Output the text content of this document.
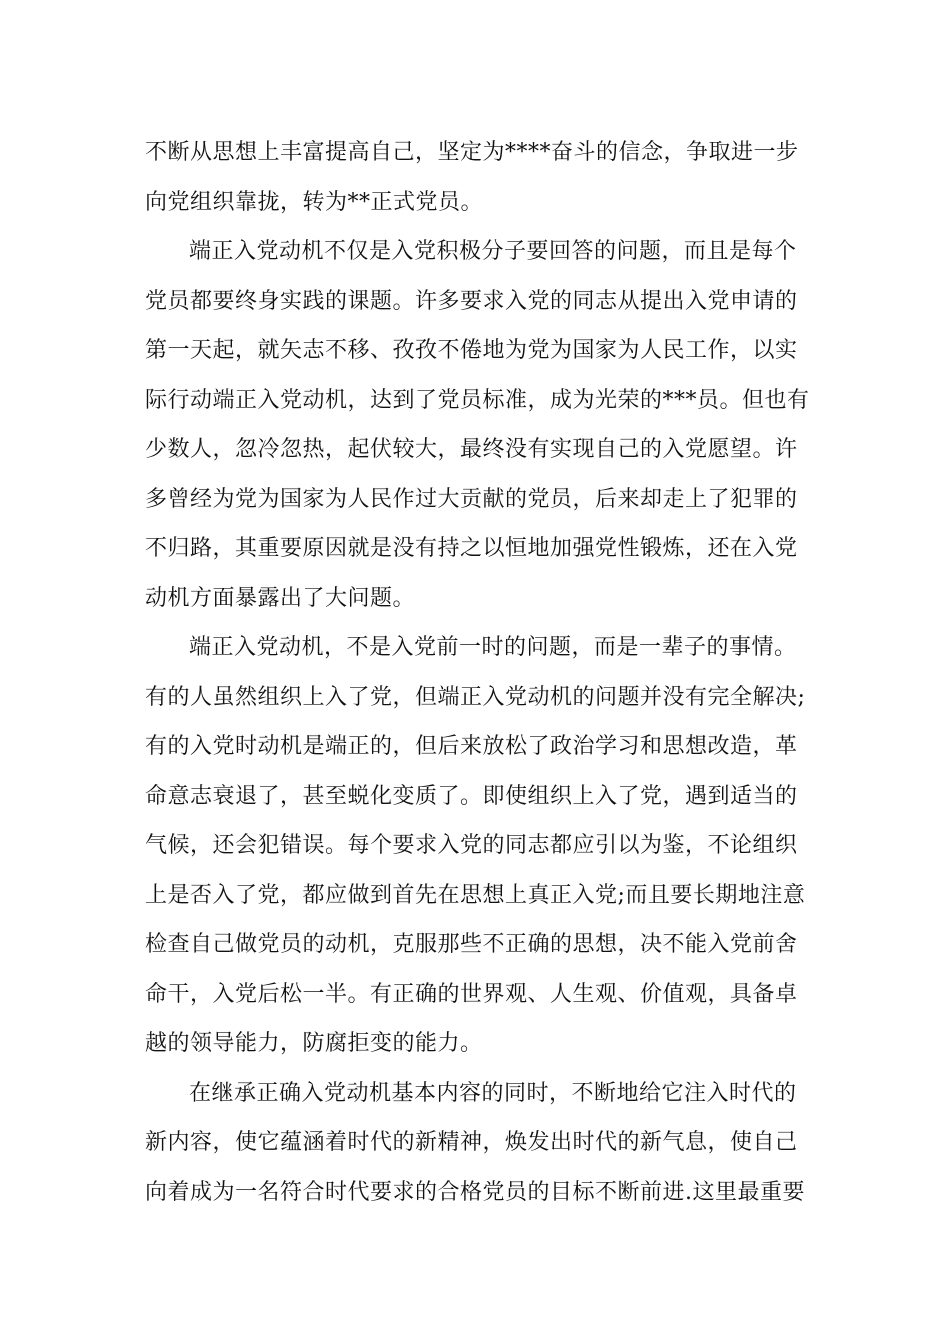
不断从思想上丰富提高自己，坚定为****奋斗的信念，争取进一步
向党组织靠拢，转为**正式党员。
端正入党动机不仅是入党积极分子要回答的问题，而且是每个
党员都要终身实践的课题。许多要求入党的同志从提出入党申请的
第一天起，就矢志不移、孜孜不倦地为党为国家为人民工作，以实
际行动端正入党动机，达到了党员标准，成为光荣的***员。但也有
少数人，忽冷忽热，起伏较大，最终没有实现自己的入党愿望。许
多曾经为党为国家为人民作过大贡献的党员，后来却走上了犯罪的
不归路，其重要原因就是没有持之以恒地加强党性锻炼，还在入党
动机方面暴露出了大问题。
端正入党动机，不是入党前一时的问题，而是一辈子的事情。
有的人虽然组织上入了党，但端正入党动机的问题并没有完全解决;
有的入党时动机是端正的，但后来放松了政治学习和思想改造，革
命意志衰退了，甚至蜕化变质了。即使组织上入了党，遇到适当的
气候，还会犯错误。每个要求入党的同志都应引以为鉴，不论组织
上是否入了党，都应做到首先在思想上真正入党;而且要长期地注意
检查自己做党员的动机，克服那些不正确的思想，决不能入党前舍
命干，入党后松一半。有正确的世界观、人生观、价值观，具备卓
越的领导能力，防腐拒变的能力。
在继承正确入党动机基本内容的同时，不断地给它注入时代的
新内容，使它蕴涵着时代的新精神，焕发出时代的新气息，使自己
向着成为一名符合时代要求的合格党员的目标不断前进.这里最重要
